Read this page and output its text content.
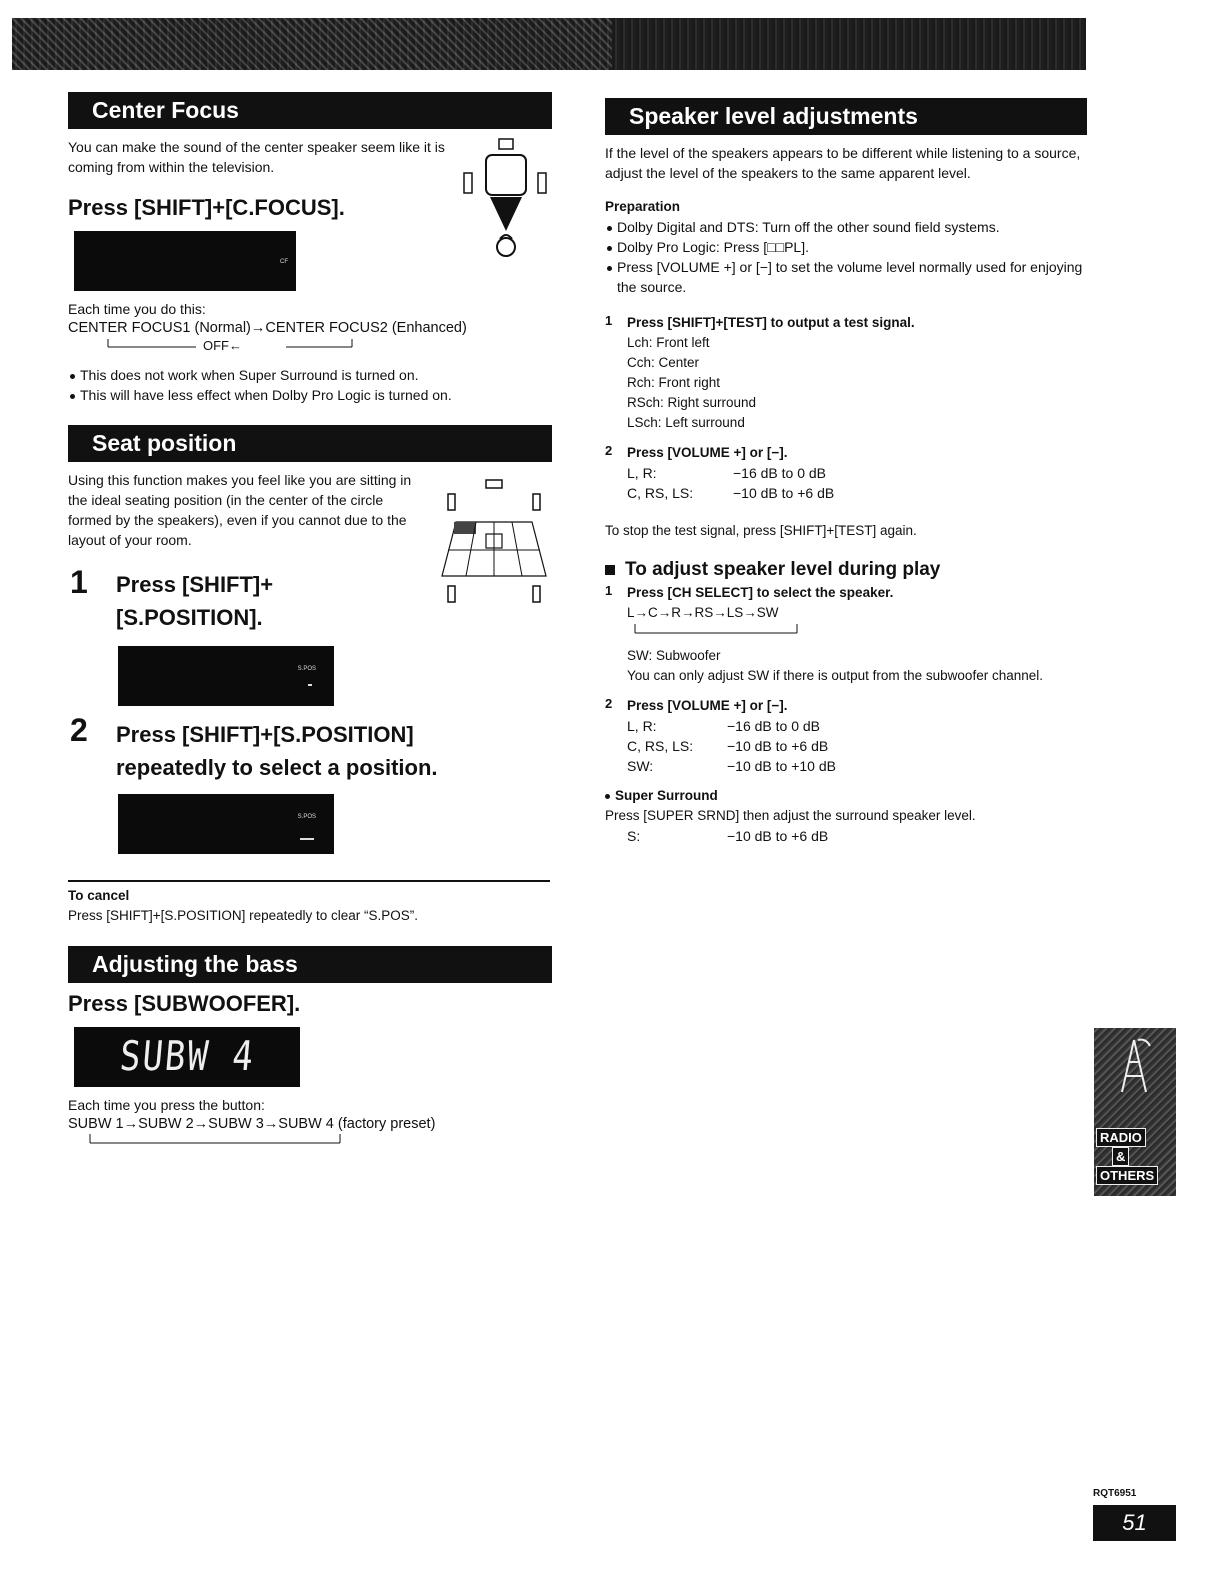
Center Focus

You can make the sound of the center speaker seem like it is coming from within the television.

Press [SHIFT]+[C.FOCUS].
CF

Each time you do this:

CENTER FOCUS1 (Normal)→CENTER FOCUS2 (Enhanced)
OFF←

This does not work when Super Surround is turned on.

This will have less effect when Dolby Pro Logic is turned on.

Seat position

Using this function makes you feel like you are sitting in the ideal seating position (in the center of the circle formed by the speakers), even if you cannot due to the layout of your room.

1 Press [SHIFT]+[S.POSITION].
S.POS
2 Press [SHIFT]+[S.POSITION] repeatedly to select a position.
S.POS

To cancel

Press [SHIFT]+[S.POSITION] repeatedly to clear “S.POS”.

Adjusting the bass
Press [SUBWOOFER].
SUBW 4

Each time you press the button:

SUBW 1→SUBW 2→SUBW 3→SUBW 4 (factory preset)
Speaker level adjustments

If the level of the speakers appears to be different while listening to a source, adjust the level of the speakers to the same apparent level.

Preparation

Dolby Digital and DTS: Turn off the other sound field systems.

Dolby Pro Logic: Press [□□PL].

Press [VOLUME +] or [−] to set the volume level normally used for enjoying the source.

1 Press [SHIFT]+[TEST] to output a test signal.

Lch: Front left

Cch: Center

Rch: Front right

RSch: Right surround

LSch: Left surround

2 Press [VOLUME +] or [−].

L, R:	−16 dB to 0 dB
C, RS, LS:	−10 dB to +6 dB

To stop the test signal, press [SHIFT]+[TEST] again.

To adjust speaker level during play
1 Press [CH SELECT] to select the speaker.

L→C→R→RS→LS→SW

SW: Subwoofer

You can only adjust SW if there is output from the subwoofer channel.

2 Press [VOLUME +] or [−].

L, R:	−16 dB to 0 dB
C, RS, LS:	−10 dB to +6 dB
SW:	−10 dB to +10 dB

Super Surround

Press [SUPER SRND] then adjust the surround speaker level.

S:	−10 dB to +6 dB
RADIO
&
OTHERS
RQT6951
51
